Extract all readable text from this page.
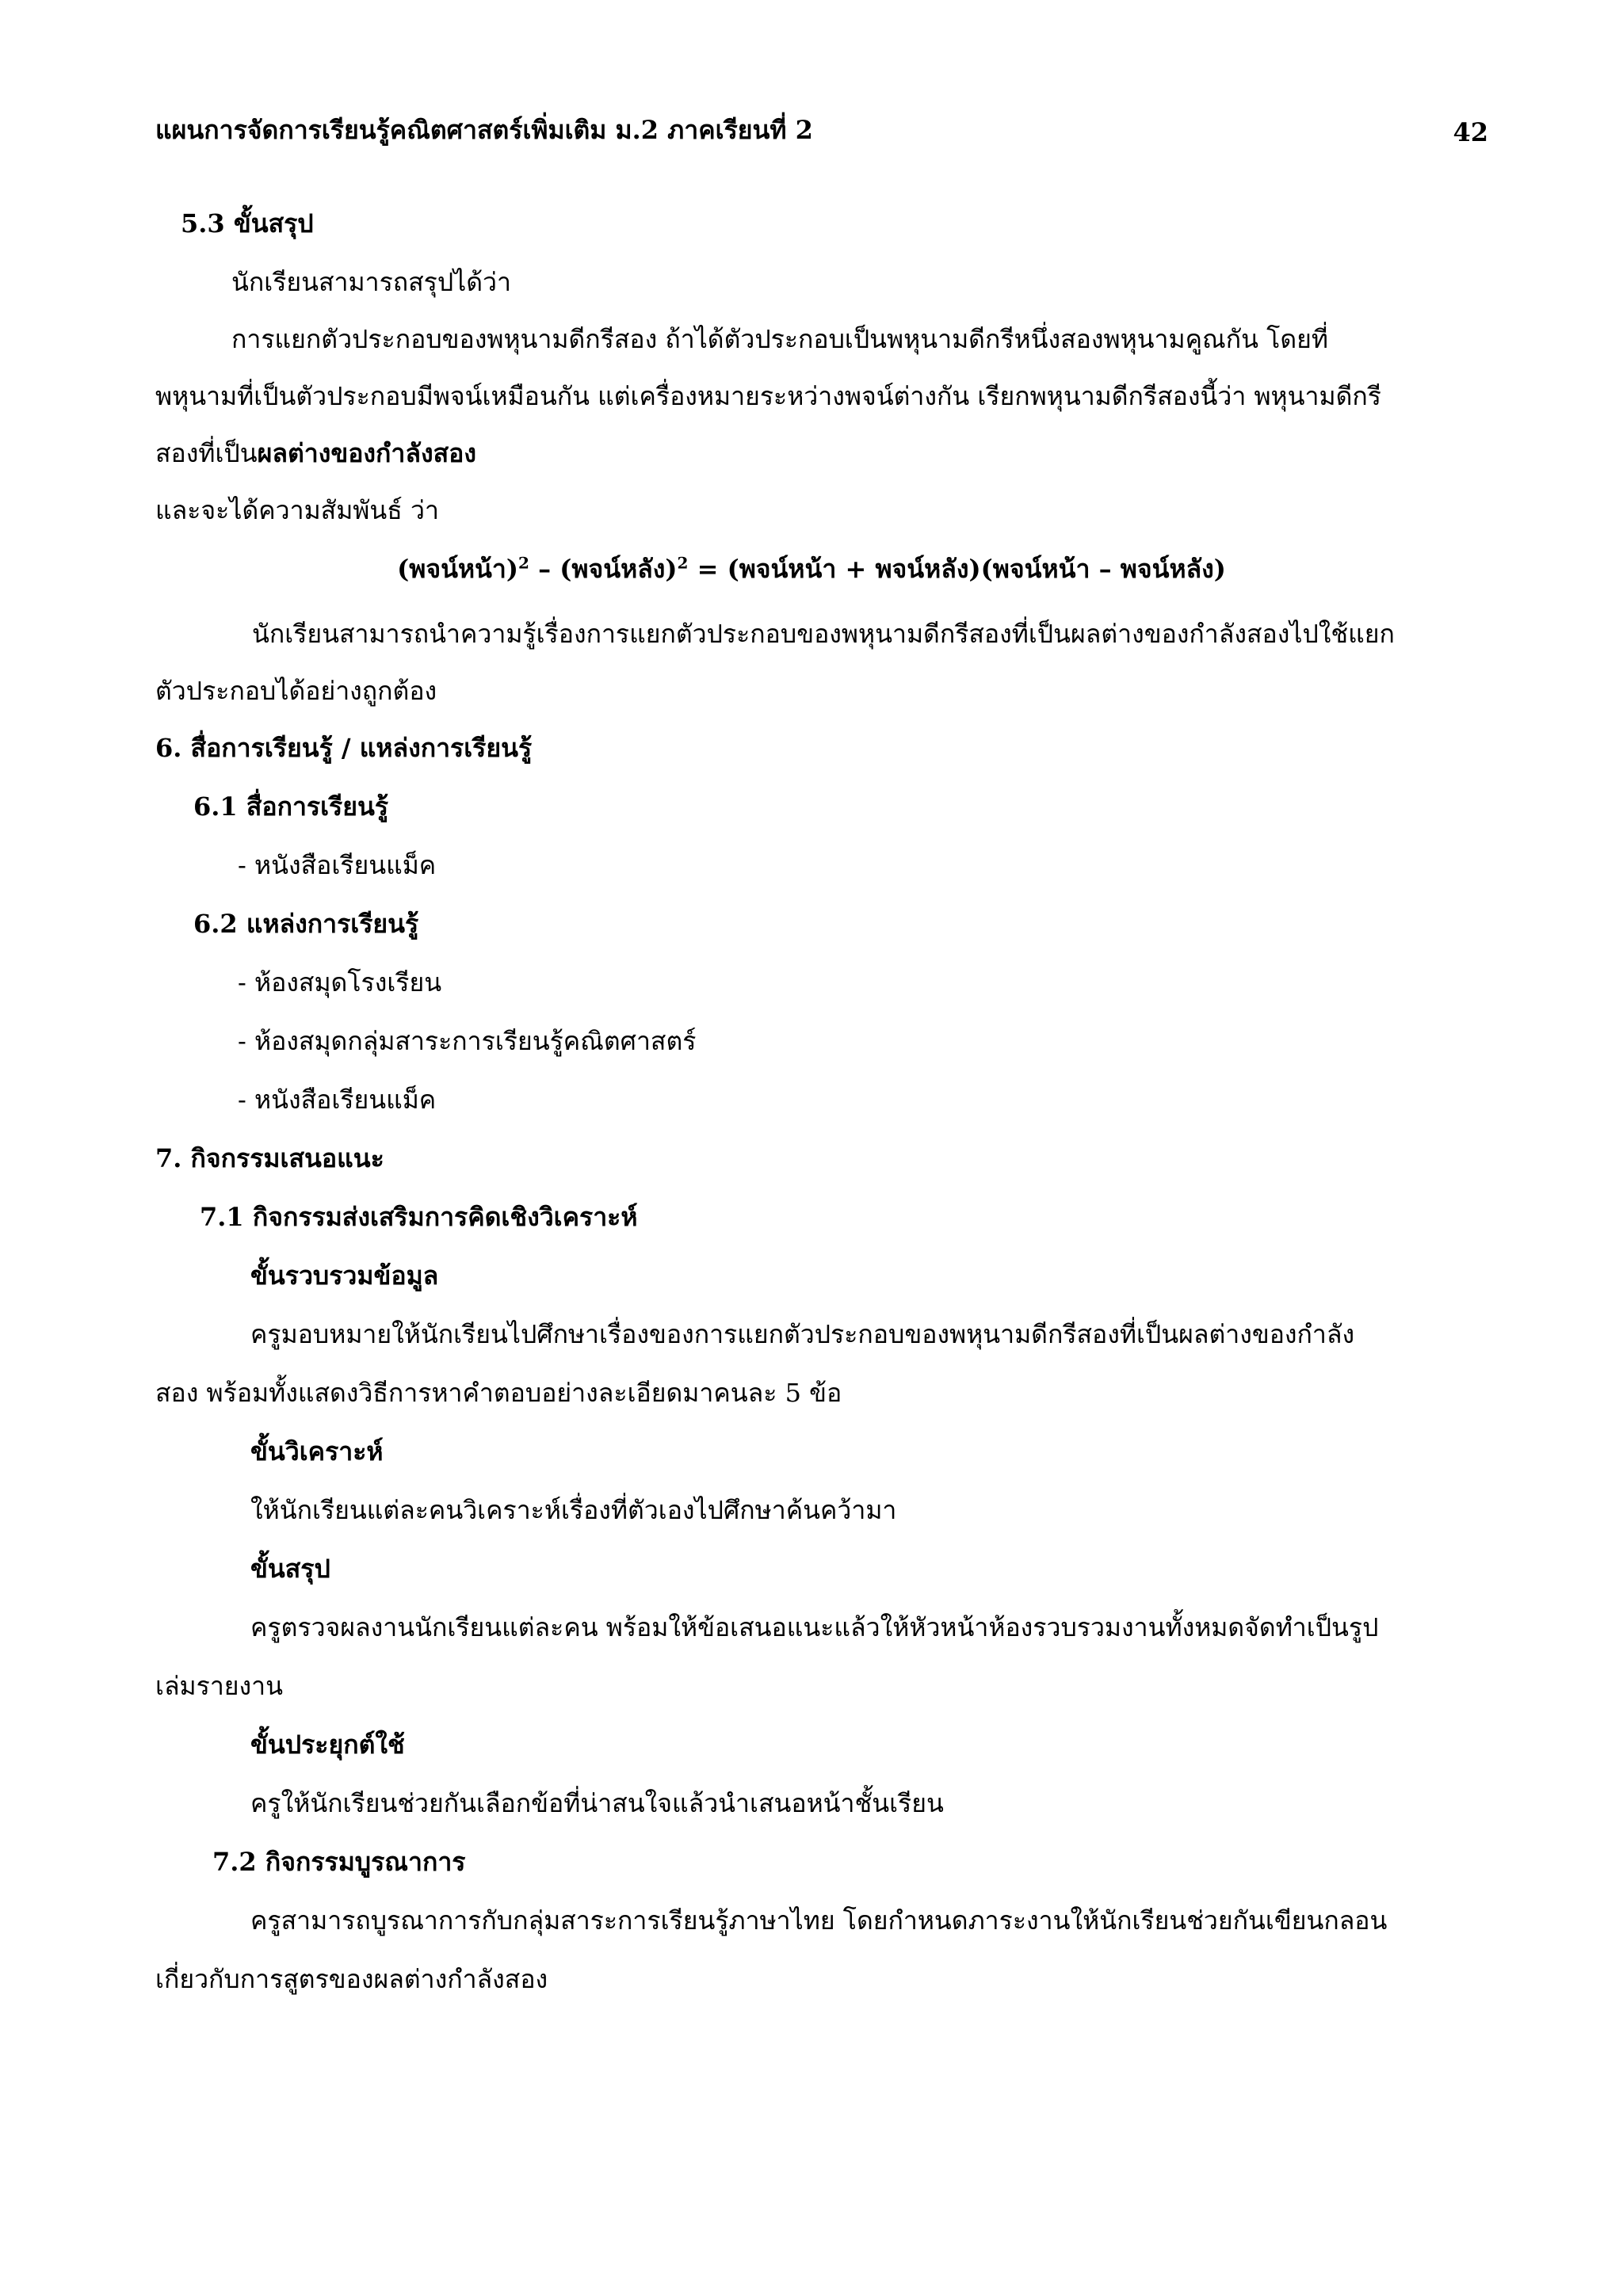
แผนการจัดการเรียนรู้คณิตศาสตร์เพิ่มเติม ม.2 ภาคเรียนที่ 2	42
5.3 ขั้นสรุป
นักเรียนสามารถสรุปได้ว่า
การแยกตัวประกอบของพหุนามดีกรีสอง ถ้าได้ตัวประกอบเป็นพหุนามดีกรีหนึ่งสองพหุนามคูณกัน โดยที่
พหุนามที่เป็นตัวประกอบมีพจน์เหมือนกัน แต่เครื่องหมายระหว่างพจน์ต่างกัน เรียกพหุนามดีกรีสองนี้ว่า พหุนามดีกรี
สองที่เป็นผลต่างของกำลังสอง
และจะได้ความสัมพันธ์ ว่า
(พจน์หน้า)$^2$ – (พจน์หลัง)$^2$ = (พจน์หน้า + พจน์หลัง)(พจน์หน้า – พจน์หลัง)
นักเรียนสามารถนำความรู้เรื่องการแยกตัวประกอบของพหุนามดีกรีสองที่เป็นผลต่างของกำลังสองไปใช้แยก
ตัวประกอบได้อย่างถูกต้อง
6. สื่อการเรียนรู้ / แหล่งการเรียนรู้
6.1 สื่อการเรียนรู้
- หนังสือเรียนแม็ค
6.2 แหล่งการเรียนรู้
- ห้องสมุดโรงเรียน
- ห้องสมุดกลุ่มสาระการเรียนรู้คณิตศาสตร์
- หนังสือเรียนแม็ค
7. กิจกรรมเสนอแนะ
7.1 กิจกรรมส่งเสริมการคิดเชิงวิเคราะห์
ขั้นรวบรวมข้อมูล
ครูมอบหมายให้นักเรียนไปศึกษาเรื่องของการแยกตัวประกอบของพหุนามดีกรีสองที่เป็นผลต่างของกำลัง
สอง พร้อมทั้งแสดงวิธีการหาคำตอบอย่างละเอียดมาคนละ 5 ข้อ
ขั้นวิเคราะห์
ให้นักเรียนแต่ละคนวิเคราะห์เรื่องที่ตัวเองไปศึกษาค้นคว้ามา
ขั้นสรุป
ครูตรวจผลงานนักเรียนแต่ละคน พร้อมให้ข้อเสนอแนะแล้วให้หัวหน้าห้องรวบรวมงานทั้งหมดจัดทำเป็นรูป
เล่มรายงาน
ขั้นประยุกต์ใช้
ครูให้นักเรียนช่วยกันเลือกข้อที่น่าสนใจแล้วนำเสนอหน้าชั้นเรียน
7.2 กิจกรรมบูรณาการ
ครูสามารถบูรณาการกับกลุ่มสาระการเรียนรู้ภาษาไทย โดยกำหนดภาระงานให้นักเรียนช่วยกันเขียนกลอน
เกี่ยวกับการสูตรของผลต่างกำลังสอง
